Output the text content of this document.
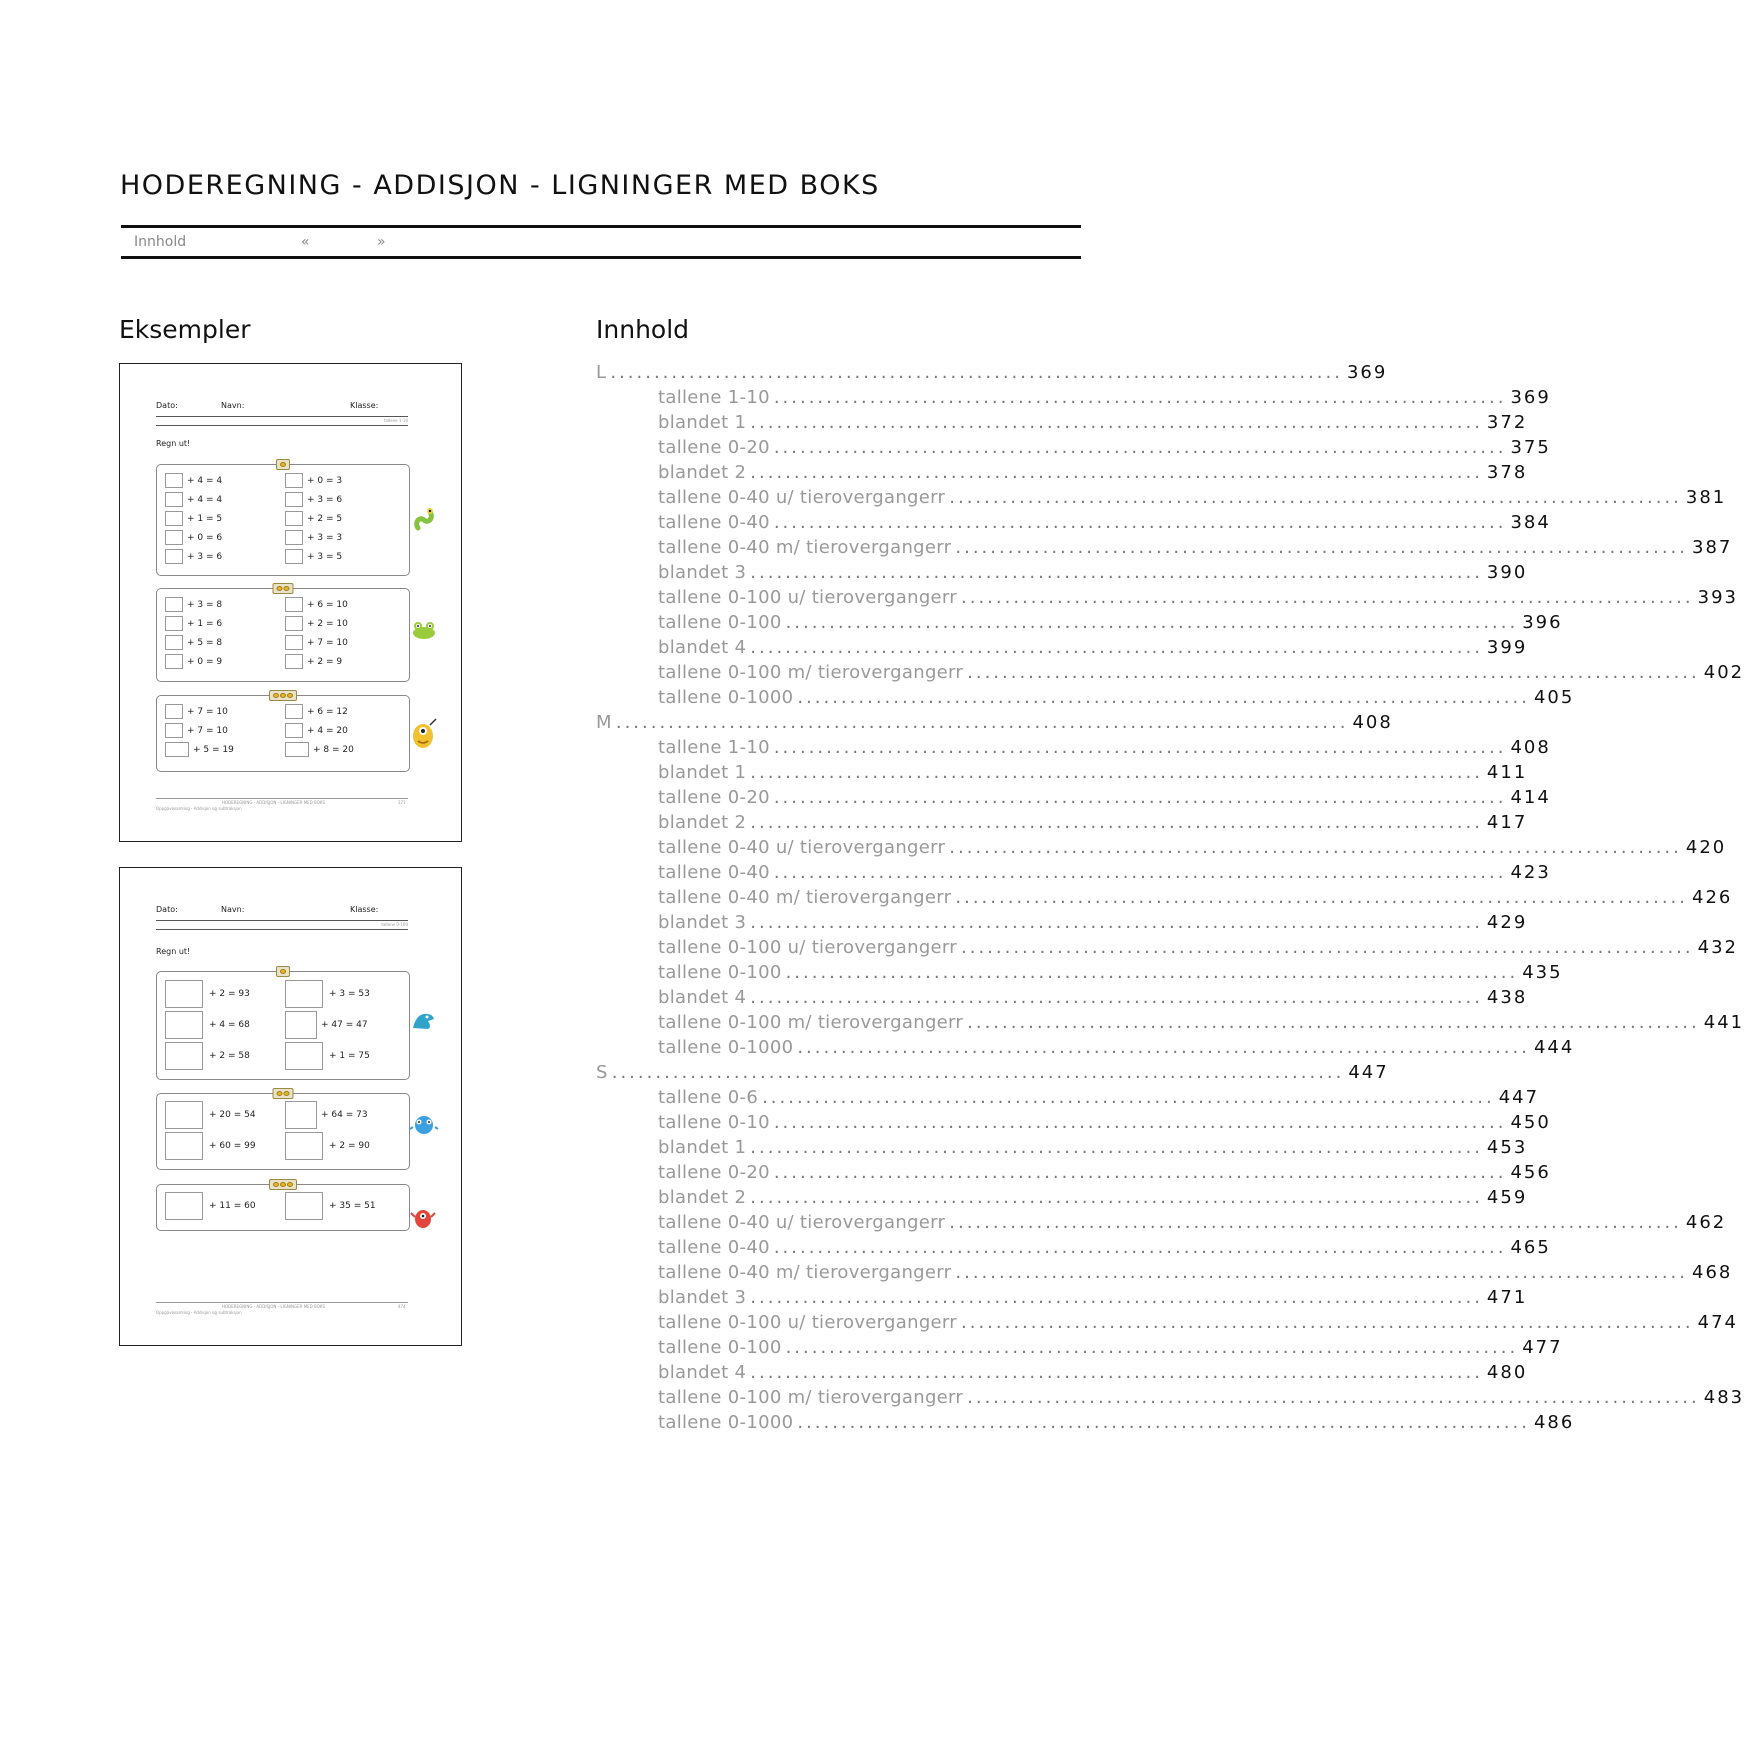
HODEREGNING - ADDISJON - LIGNINGER MED BOKS
Innhold	«	»
Eksempler	Innhold
Dato:	Navn:	Klasse:
tallene 1-10
Regn ut!
+ 4 = 4	+ 0 = 3
+ 4 = 4	+ 3 = 6
+ 1 = 5	+ 2 = 5
+ 0 = 6	+ 3 = 3
+ 3 = 6	+ 3 = 5
+ 3 = 8	+ 6 = 10
+ 1 = 6	+ 2 = 10
+ 5 = 8	+ 7 = 10
+ 0 = 9	+ 2 = 9
+ 7 = 10	+ 6 = 12
+ 7 = 10	+ 4 = 20
+ 5 = 19	+ 8 = 20
HODEREGNING - ADDISJON - LIGNINGER MED BOKS	371
Oppgavesamling - Addisjon og subtraksjon
Dato:	Navn:	Klasse:
tallene 0-100
Regn ut!
+ 2 = 93	+ 3 = 53
+ 4 = 68	+ 47 = 47
+ 2 = 58	+ 1 = 75
+ 20 = 54	+ 64 = 73
+ 60 = 99	+ 2 = 90
+ 11 = 60	+ 35 = 51
HODEREGNING - ADDISJON - LIGNINGER MED BOKS	474
Oppgavesamling - Addisjon og subtraksjon
L .................................................................................... 369
tallene 1-10 .................................................................................... 369
blandet 1 .................................................................................... 372
tallene 0-20 .................................................................................... 375
blandet 2 .................................................................................... 378
tallene 0-40 u/ tierovergangerr .................................................................................... 381
tallene 0-40 .................................................................................... 384
tallene 0-40 m/ tierovergangerr .................................................................................... 387
blandet 3 .................................................................................... 390
tallene 0-100 u/ tierovergangerr .................................................................................... 393
tallene 0-100 .................................................................................... 396
blandet 4 .................................................................................... 399
tallene 0-100 m/ tierovergangerr .................................................................................... 402
tallene 0-1000 .................................................................................... 405
M .................................................................................... 408
tallene 1-10 .................................................................................... 408
blandet 1 .................................................................................... 411
tallene 0-20 .................................................................................... 414
blandet 2 .................................................................................... 417
tallene 0-40 u/ tierovergangerr .................................................................................... 420
tallene 0-40 .................................................................................... 423
tallene 0-40 m/ tierovergangerr .................................................................................... 426
blandet 3 .................................................................................... 429
tallene 0-100 u/ tierovergangerr .................................................................................... 432
tallene 0-100 .................................................................................... 435
blandet 4 .................................................................................... 438
tallene 0-100 m/ tierovergangerr .................................................................................... 441
tallene 0-1000 .................................................................................... 444
S .................................................................................... 447
tallene 0-6 .................................................................................... 447
tallene 0-10 .................................................................................... 450
blandet 1 .................................................................................... 453
tallene 0-20 .................................................................................... 456
blandet 2 .................................................................................... 459
tallene 0-40 u/ tierovergangerr .................................................................................... 462
tallene 0-40 .................................................................................... 465
tallene 0-40 m/ tierovergangerr .................................................................................... 468
blandet 3 .................................................................................... 471
tallene 0-100 u/ tierovergangerr .................................................................................... 474
tallene 0-100 .................................................................................... 477
blandet 4 .................................................................................... 480
tallene 0-100 m/ tierovergangerr .................................................................................... 483
tallene 0-1000 .................................................................................... 486
